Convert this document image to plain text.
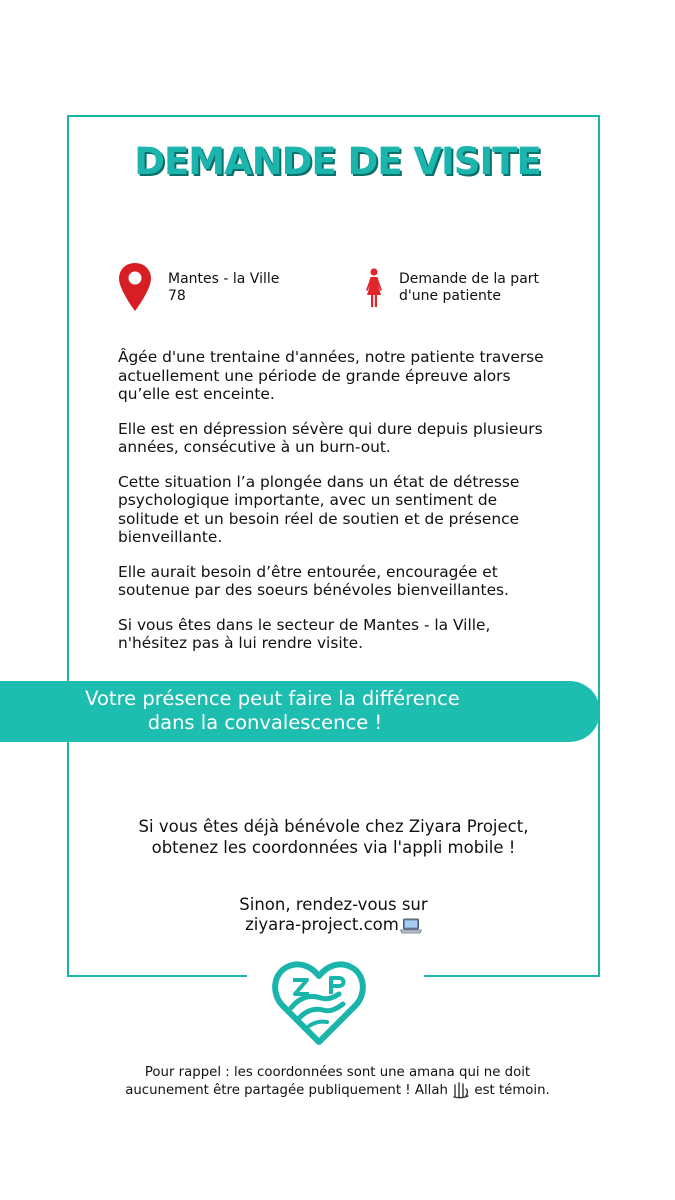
DEMANDE DE VISITE
Mantes - la Ville
78
Demande de la part
d'une patiente

Âgée d'une trentaine d'années, notre patiente traverse actuellement une période de grande épreuve alors qu’elle est enceinte.

Elle est en dépression sévère qui dure depuis plusieurs années, consécutive à un burn-out.

Cette situation l’a plongée dans un état de détresse psychologique importante, avec un sentiment de solitude et un besoin réel de soutien et de présence bienveillante.

Elle aurait besoin d’être entourée, encouragée et soutenue par des soeurs bénévoles bienveillantes.

Si vous êtes dans le secteur de Mantes - la Ville, n'hésitez pas à lui rendre visite.

Votre présence peut faire la différence
dans la convalescence !
Si vous êtes déjà bénévole chez Ziyara Project,
obtenez les coordonnées via l'appli mobile !
Sinon, rendez-vous sur
ziyara-project.com
Pour rappel : les coordonnées sont une amana qui ne doit
aucunement être partagée publiquement ! Allah est témoin.
